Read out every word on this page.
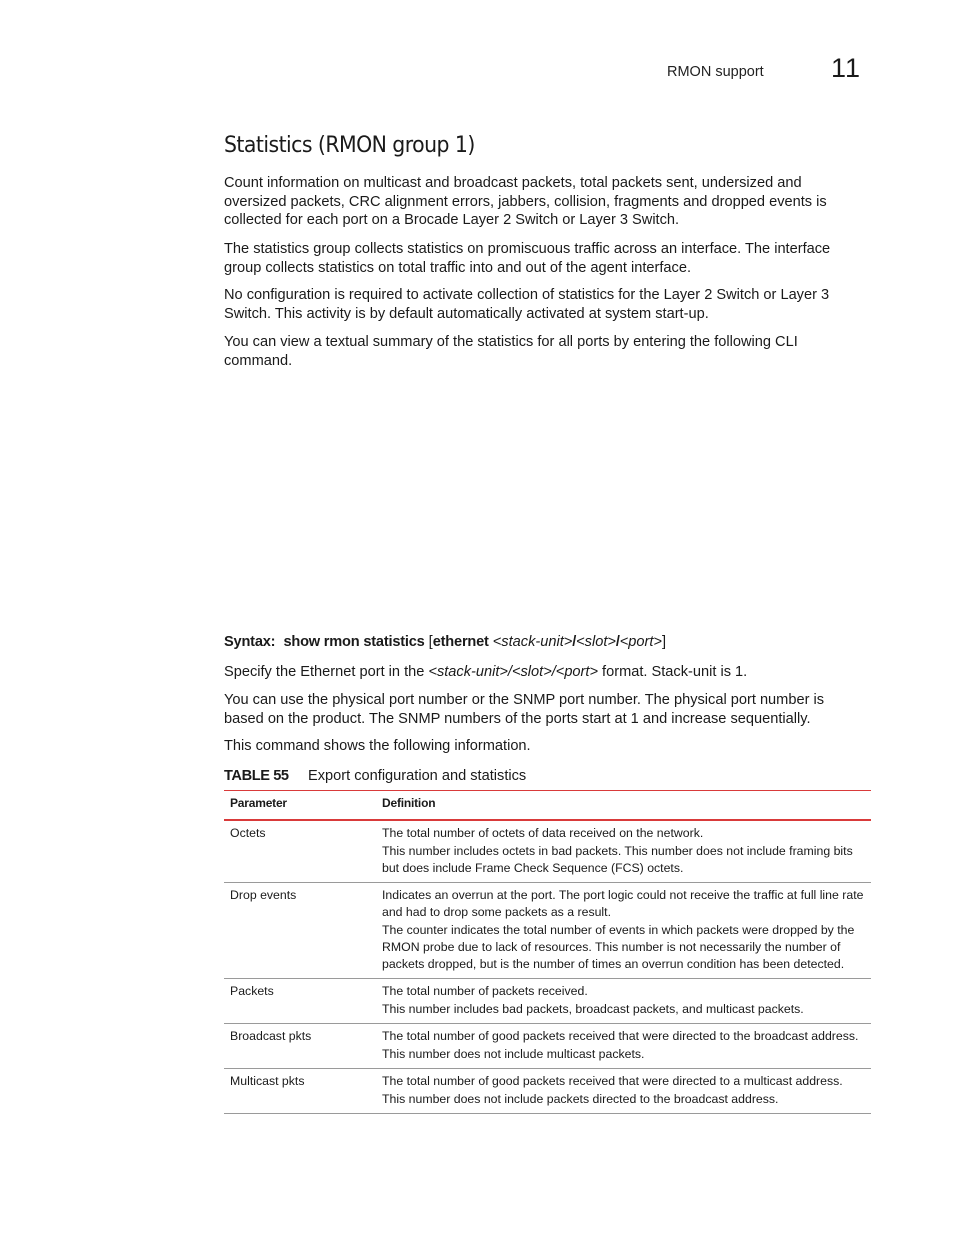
RMON support 11
Statistics (RMON group 1)

Count information on multicast and broadcast packets, total packets sent, undersized and oversized packets, CRC alignment errors, jabbers, collision, fragments and dropped events is collected for each port on a Brocade Layer 2 Switch or Layer 3 Switch.

The statistics group collects statistics on promiscuous traffic across an interface. The interface group collects statistics on total traffic into and out of the agent interface.

No configuration is required to activate collection of statistics for the Layer 2 Switch or Layer 3 Switch. This activity is by default automatically activated at system start-up.

You can view a textual summary of the statistics for all ports by entering the following CLI command.

Syntax: show rmon statistics [ethernet <stack-unit>/<slot>/<port>]

Specify the Ethernet port in the <stack-unit>/<slot>/<port> format. Stack-unit is 1.

You can use the physical port number or the SNMP port number. The physical port number is based on the product. The SNMP numbers of the ports start at 1 and increase sequentially.

This command shows the following information.

TABLE 55 Export configuration and statistics
Parameter	Definition
Octets	The total number of octets of data received on the network.

This number includes octets in bad packets. This number does not include framing bits but does include Frame Check Sequence (FCS) octets.

Drop events	Indicates an overrun at the port. The port logic could not receive the traffic at full line rate and had to drop some packets as a result.

The counter indicates the total number of events in which packets were dropped by the RMON probe due to lack of resources. This number is not necessarily the number of packets dropped, but is the number of times an overrun condition has been detected.

Packets	The total number of packets received.

This number includes bad packets, broadcast packets, and multicast packets.

Broadcast pkts	The total number of good packets received that were directed to the broadcast address.

This number does not include multicast packets.

Multicast pkts	The total number of good packets received that were directed to a multicast address.

This number does not include packets directed to the broadcast address.
